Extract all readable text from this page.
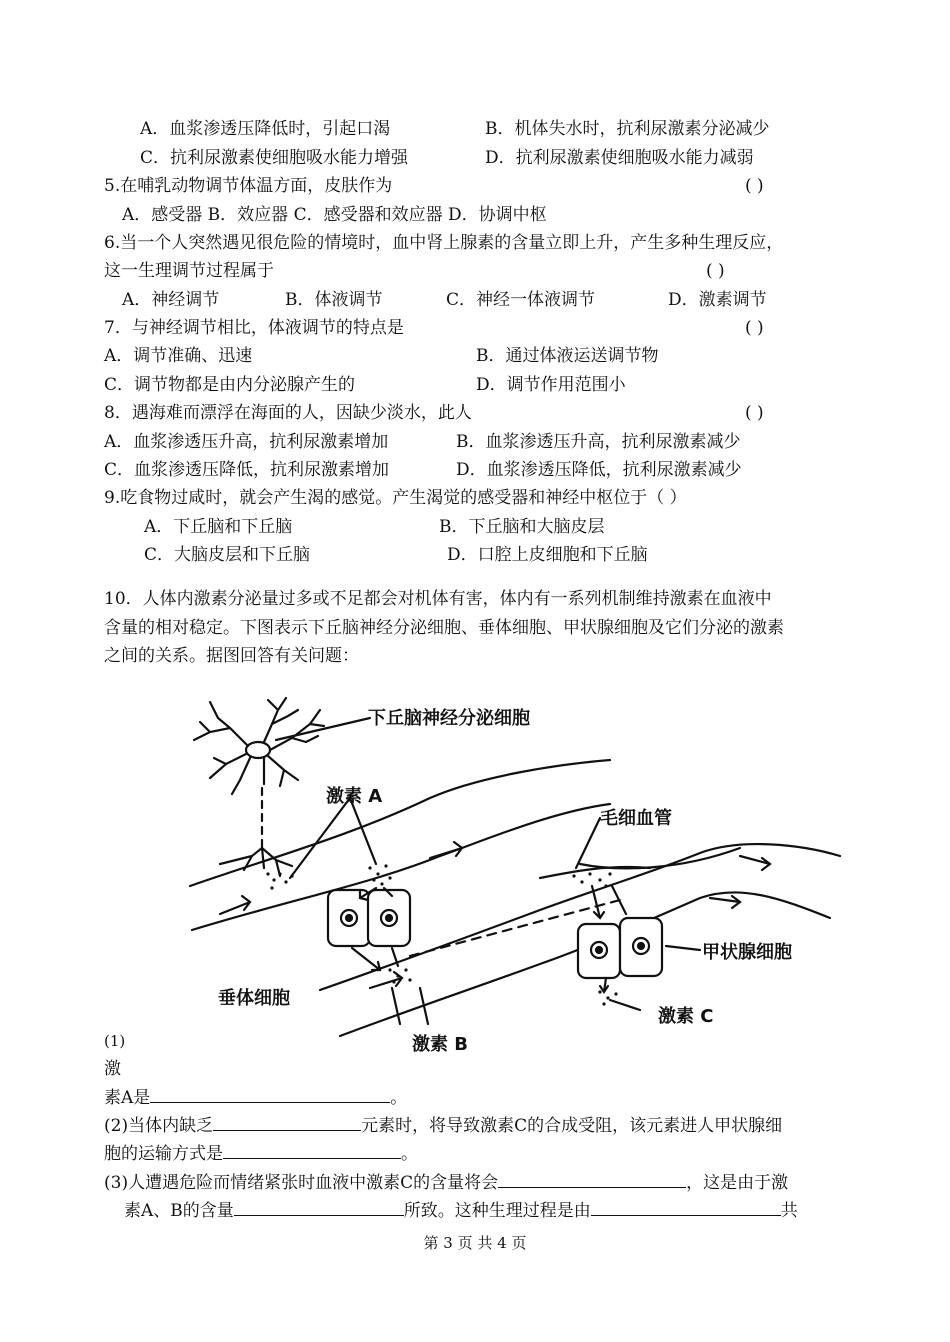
A．血浆渗透压降低时，引起口渴	B．机体失水时，抗利尿激素分泌减少
C．抗利尿激素使细胞吸水能力增强	D．抗利尿激素使细胞吸水能力减弱
5.在哺乳动物调节体温方面，皮肤作为	( )
A．感受器 B．效应器 C．感受器和效应器 D．协调中枢
6.当一个人突然遇见很危险的情境时，血中肾上腺素的含量立即上升，产生多种生理反应，
这一生理调节过程属于	( )
A．神经调节	B．体液调节	C．神经一体液调节	D．激素调节
7．与神经调节相比，体液调节的特点是	( )
A．调节准确、迅速	B．通过体液运送调节物
C．调节物都是由内分泌腺产生的	D．调节作用范围小
8．遇海难而漂浮在海面的人，因缺少淡水，此人	( )
A．血浆渗透压升高，抗利尿激素增加	B．血浆渗透压升高，抗利尿激素减少
C．血浆渗透压降低，抗利尿激素增加	D．血浆渗透压降低，抗利尿激素减少
9.吃食物过咸时，就会产生渴的感觉。产生渴觉的感受器和神经中枢位于（ ）
A．下丘脑和下丘脑	B．下丘脑和大脑皮层
C．大脑皮层和下丘脑	D．口腔上皮细胞和下丘脑
10．人体内激素分泌量过多或不足都会对机体有害，体内有一系列机制维持激素在血液中
含量的相对稳定。下图表示下丘脑神经分泌细胞、垂体细胞、甲状腺细胞及它们分泌的激素
之间的关系。据图回答有关问题：
下丘脑神经分泌细胞
激素 A
毛细血管
垂体细胞
甲状腺细胞
激素 B
激素 C
(1)
激
素A是	。
(2)当体内缺乏	元素时，将导致激素C的合成受阻，该元素进人甲状腺细
胞的运输方式是	。
(3)人遭遇危险而情绪紧张时血液中激素C的含量将会	，这是由于激
素A、B的含量	所致。这种生理过程是由	共
第 3 页 共 4 页
